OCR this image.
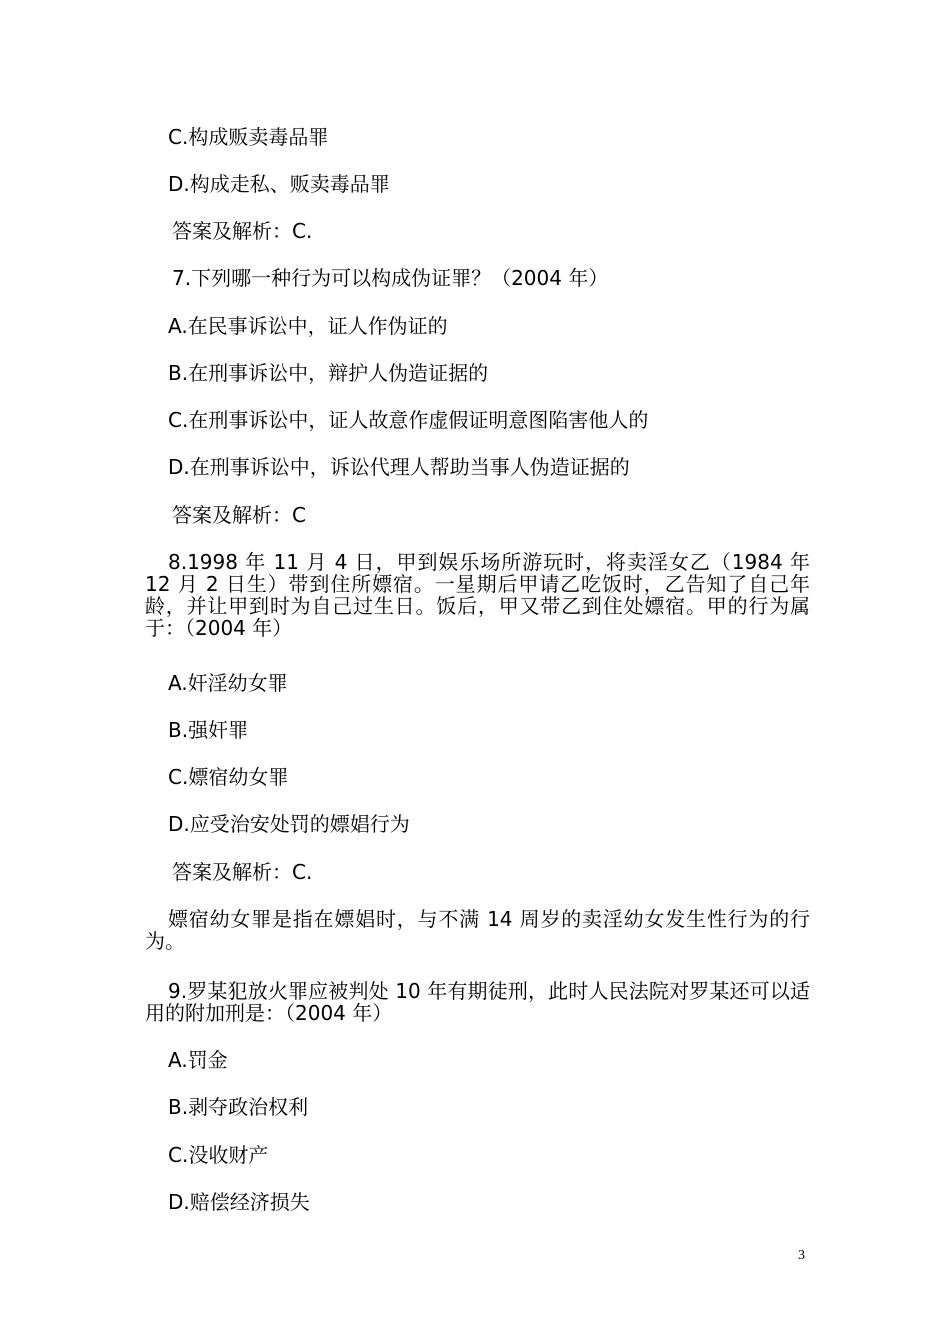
C.构成贩卖毒品罪
D.构成走私、贩卖毒品罪
答案及解析：C.
7.下列哪一种行为可以构成伪证罪？（2004 年）
A.在民事诉讼中，证人作伪证的
B.在刑事诉讼中，辩护人伪造证据的
C.在刑事诉讼中，证人故意作虚假证明意图陷害他人的
D.在刑事诉讼中，诉讼代理人帮助当事人伪造证据的
答案及解析：C
8.1998 年 11 月 4 日，甲到娱乐场所游玩时，将卖淫女乙（1984 年 12 月 2 日生）带到住所嫖宿。一星期后甲请乙吃饭时，乙告知了自己年龄，并让甲到时为自己过生日。饭后，甲又带乙到住处嫖宿。甲的行为属于：（2004 年）
A.奸淫幼女罪
B.强奸罪
C.嫖宿幼女罪
D.应受治安处罚的嫖娼行为
答案及解析：C.
嫖宿幼女罪是指在嫖娼时，与不满 14 周岁的卖淫幼女发生性行为的行为。
9.罗某犯放火罪应被判处 10 年有期徒刑，此时人民法院对罗某还可以适用的附加刑是：（2004 年）
A.罚金
B.剥夺政治权利
C.没收财产
D.赔偿经济损失
3
